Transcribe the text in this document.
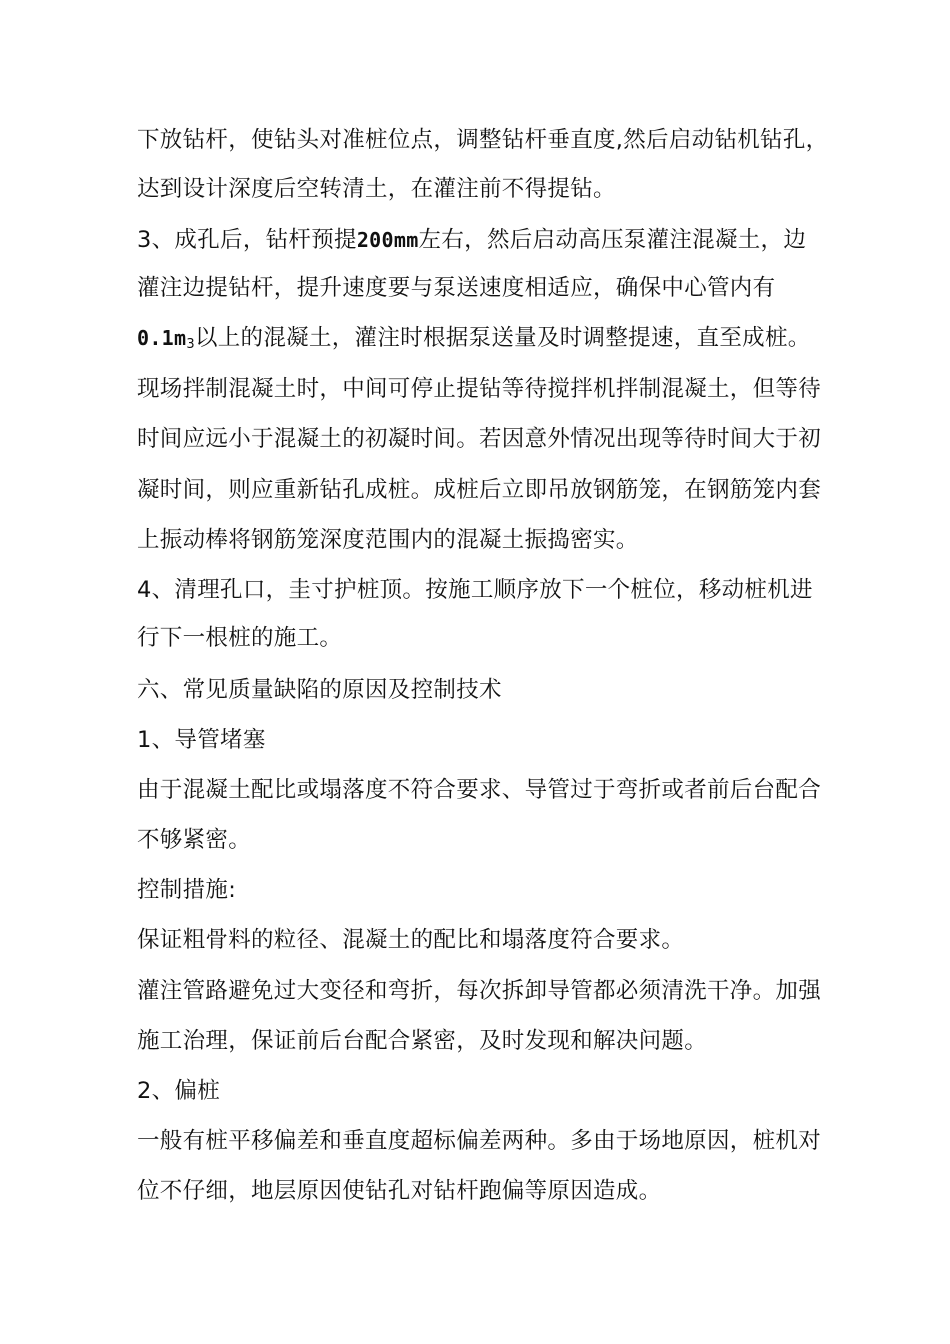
下放钻杆，使钻头对准桩位点，调整钻杆垂直度,然后启动钻机钻孔，
达到设计深度后空转清土，在灌注前不得提钻。
3、成孔后，钻杆预提200mm左右，然后启动高压泵灌注混凝土，边
灌注边提钻杆，提升速度要与泵送速度相适应，确保中心管内有
$0.1m_3$以上的混凝土，灌注时根据泵送量及时调整提速，直至成桩。
现场拌制混凝土时，中间可停止提钻等待搅拌机拌制混凝土，但等待
时间应远小于混凝土的初凝时间。若因意外情况出现等待时间大于初
凝时间，则应重新钻孔成桩。成桩后立即吊放钢筋笼，在钢筋笼内套
上振动棒将钢筋笼深度范围内的混凝土振捣密实。
4、清理孔口，圭寸护桩顶。按施工顺序放下一个桩位，移动桩机进
行下一根桩的施工。
六、常见质量缺陷的原因及控制技术
1、导管堵塞
由于混凝土配比或塌落度不符合要求、导管过于弯折或者前后台配合
不够紧密。
控制措施:
保证粗骨料的粒径、混凝土的配比和塌落度符合要求。
灌注管路避免过大变径和弯折，每次拆卸导管都必须清洗干净。加强
施工治理，保证前后台配合紧密，及时发现和解决问题。
2、偏桩
一般有桩平移偏差和垂直度超标偏差两种。多由于场地原因，桩机对
位不仔细，地层原因使钻孔对钻杆跑偏等原因造成。
